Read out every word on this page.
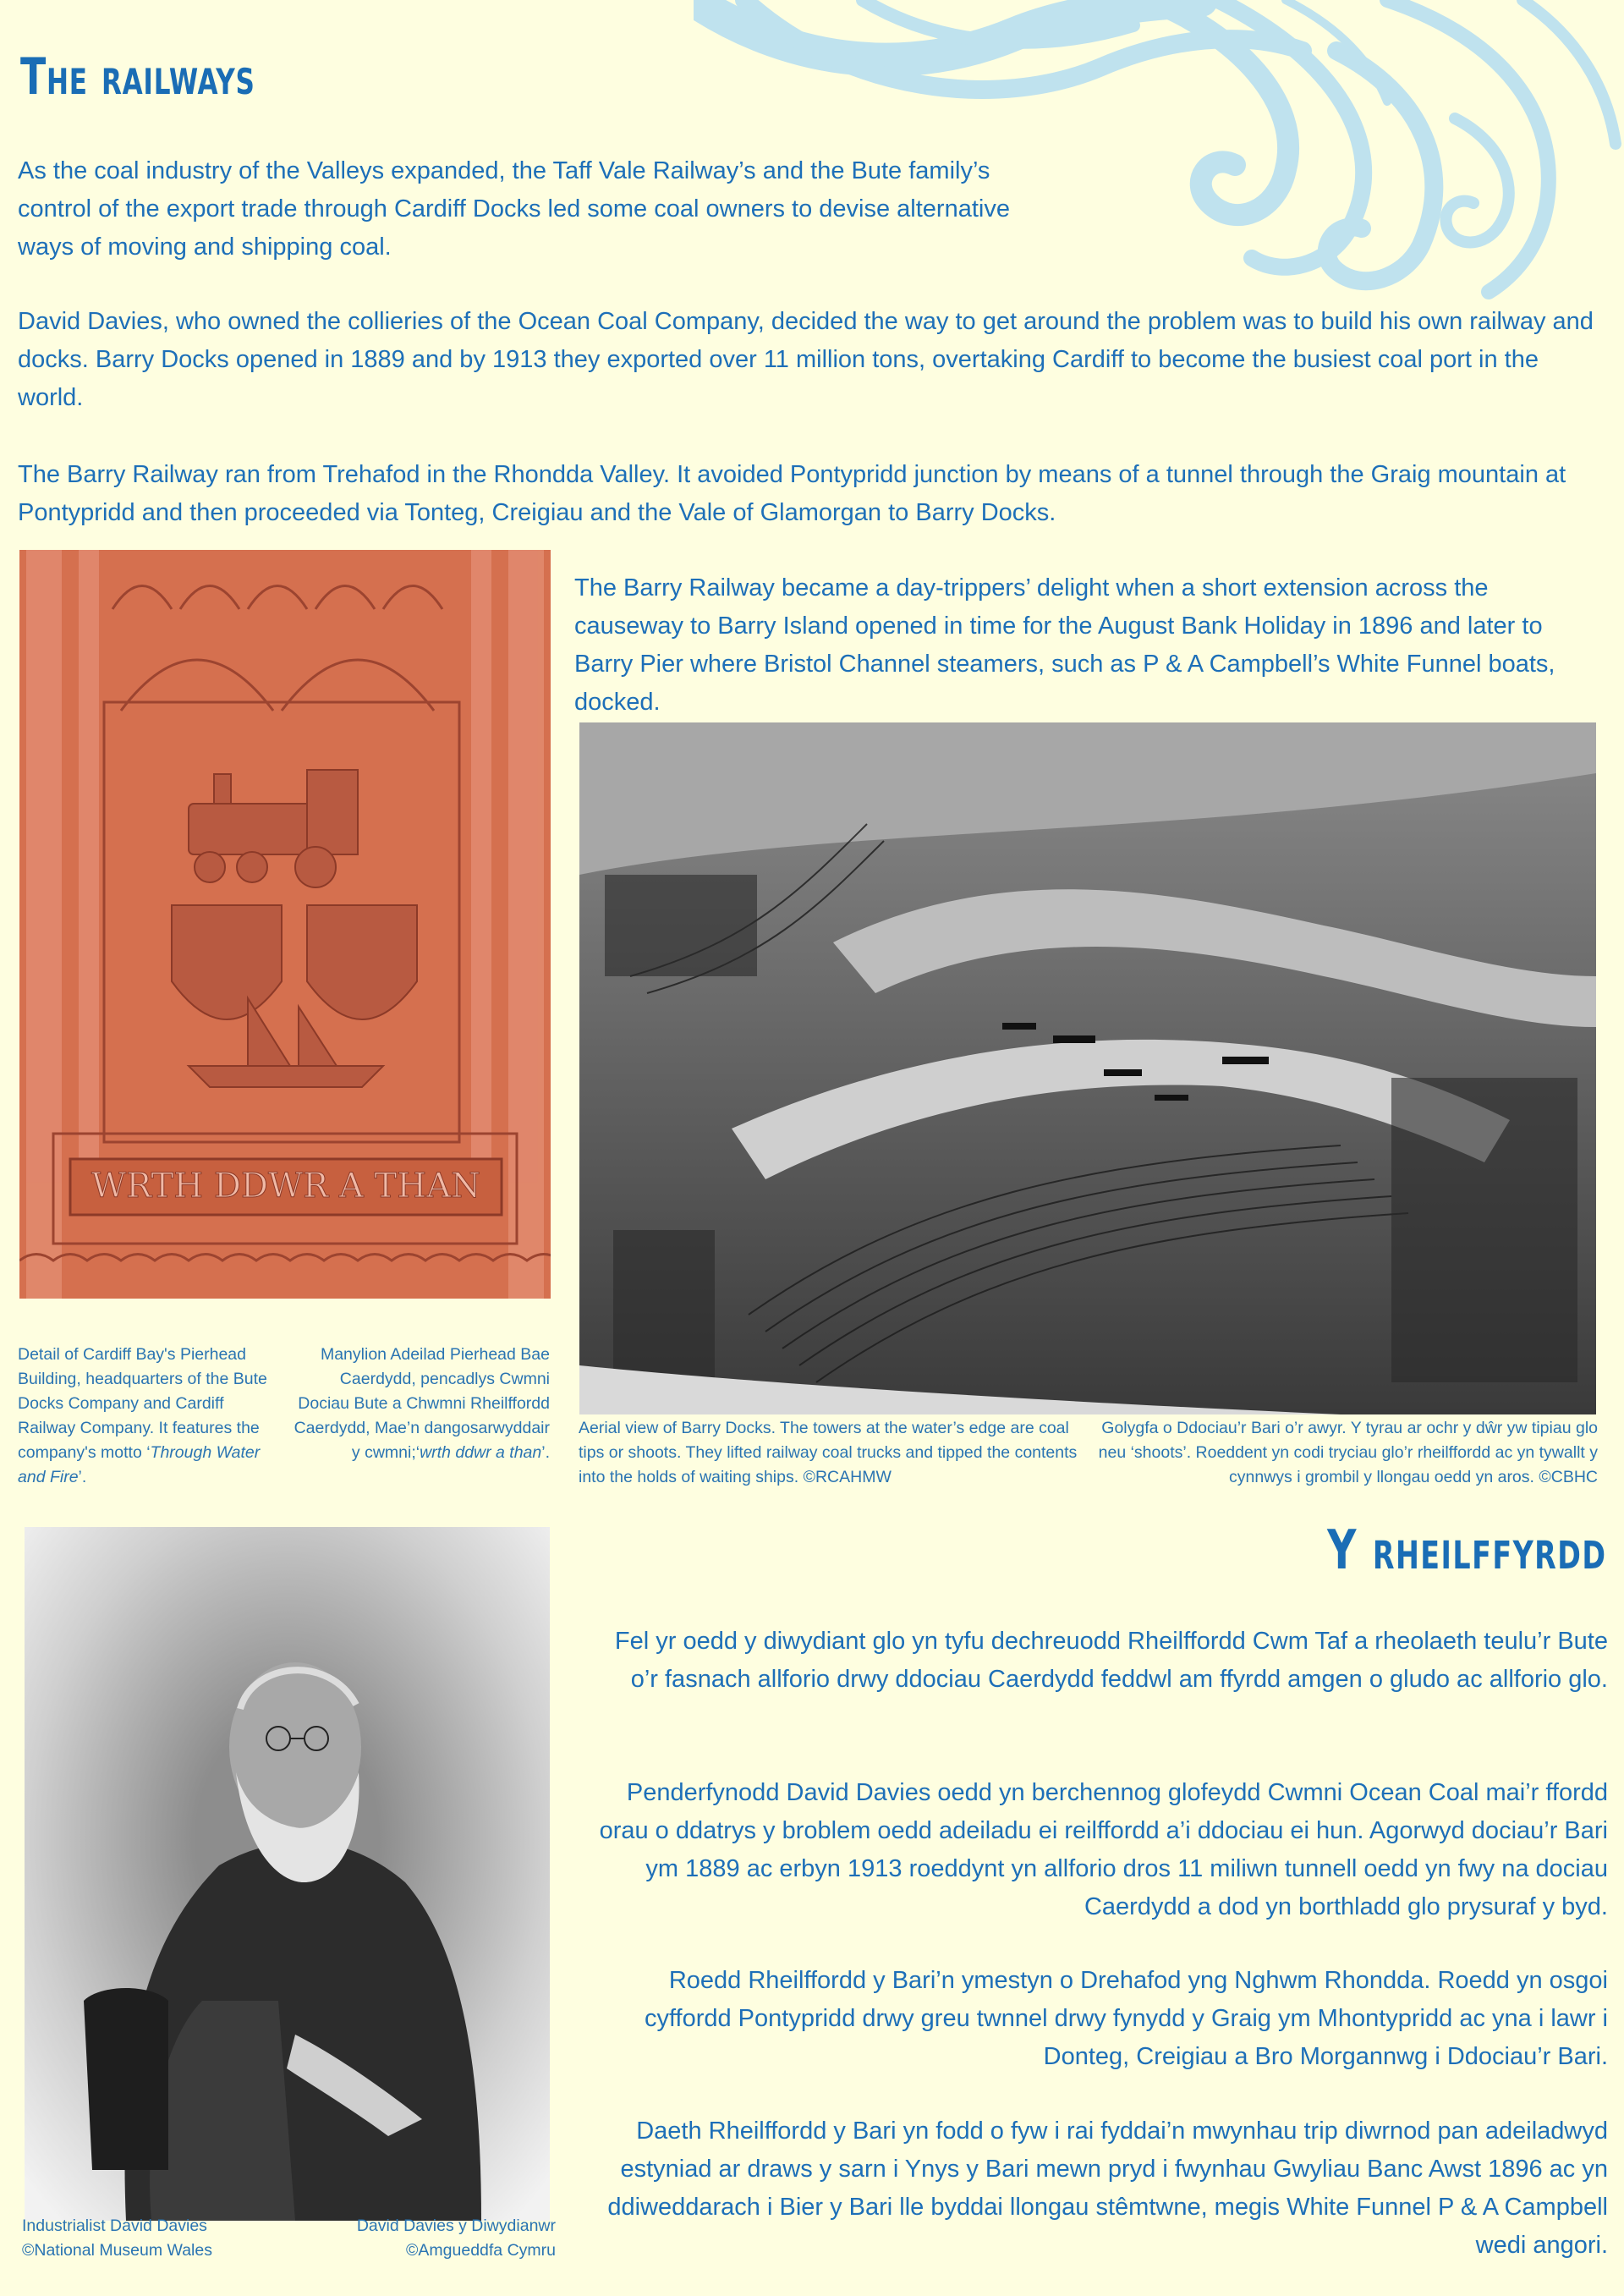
The railways

As the coal industry of the Valleys expanded, the Taff Vale Railway’s and the Bute family’s control of the export trade through Cardiff Docks led some coal owners to devise alternative ways of moving and shipping coal.

David Davies, who owned the collieries of the Ocean Coal Company, decided the way to get around the problem was to build his own railway and docks. Barry Docks opened in 1889 and by 1913 they exported over 11 million tons, overtaking Cardiff to become the busiest coal port in the world.

The Barry Railway ran from Trehafod in the Rhondda Valley. It avoided Pontypridd junction by means of a tunnel through the Graig mountain at Pontypridd and then proceeded via Tonteg, Creigiau and the Vale of Glamorgan to Barry Docks.

The Barry Railway became a day-trippers’ delight when a short extension across the causeway to Barry Island opened in time for the August Bank Holiday in 1896 and later to Barry Pier where Bristol Channel steamers, such as P & A Campbell’s White Funnel boats, docked.

WRTH DDWR A THAN

Detail of Cardiff Bay's Pierhead Building, headquarters of the Bute Docks Company and Cardiff Railway Company. It features the company's motto ‘Through Water and Fire’.

Manylion Adeilad Pierhead Bae Caerdydd, pencadlys Cwmni Dociau Bute a Chwmni Rheilffordd Caerdydd, Mae’n dangosarwyddair y cwmni;‘wrth ddwr a than’.

Aerial view of Barry Docks. The towers at the water’s edge are coal tips or shoots. They lifted railway coal trucks and tipped the contents into the holds of waiting ships. ©RCAHMW

Golygfa o Ddociau’r Bari o’r awyr. Y tyrau ar ochr y dŵr yw tipiau glo neu ‘shoots’. Roeddent yn codi tryciau glo’r rheilffordd ac yn tywallt y cynnwys i grombil y llongau oedd yn aros. ©CBHC

Industrialist David Davies
©National Museum Wales

David Davies y Diwydianwr
©Amgueddfa Cymru

Y rheilffyrdd

Fel yr oedd y diwydiant glo yn tyfu dechreuodd Rheilffordd Cwm Taf a rheolaeth teulu’r Bute o’r fasnach allforio drwy ddociau Caerdydd feddwl am ffyrdd amgen o gludo ac allforio glo.

Penderfynodd David Davies oedd yn berchennog glofeydd Cwmni Ocean Coal mai’r ffordd orau o ddatrys y broblem oedd adeiladu ei reilffordd a’i ddociau ei hun. Agorwyd dociau’r Bari ym 1889 ac erbyn 1913 roeddynt yn allforio dros 11 miliwn tunnell oedd yn fwy na dociau Caerdydd a dod yn borthladd glo prysuraf y byd.

Roedd Rheilffordd y Bari’n ymestyn o Drehafod yng Nghwm Rhondda. Roedd yn osgoi cyffordd Pontypridd drwy greu twnnel drwy fynydd y Graig ym Mhontypridd ac yna i lawr i Donteg, Creigiau a Bro Morgannwg i Ddociau’r Bari.

Daeth Rheilffordd y Bari yn fodd o fyw i rai fyddai’n mwynhau trip diwrnod pan adeiladwyd estyniad ar draws y sarn i Ynys y Bari mewn pryd i fwynhau Gwyliau Banc Awst 1896 ac yn ddiweddarach i Bier y Bari lle byddai llongau stêmtwne, megis White Funnel P & A Campbell wedi angori.
